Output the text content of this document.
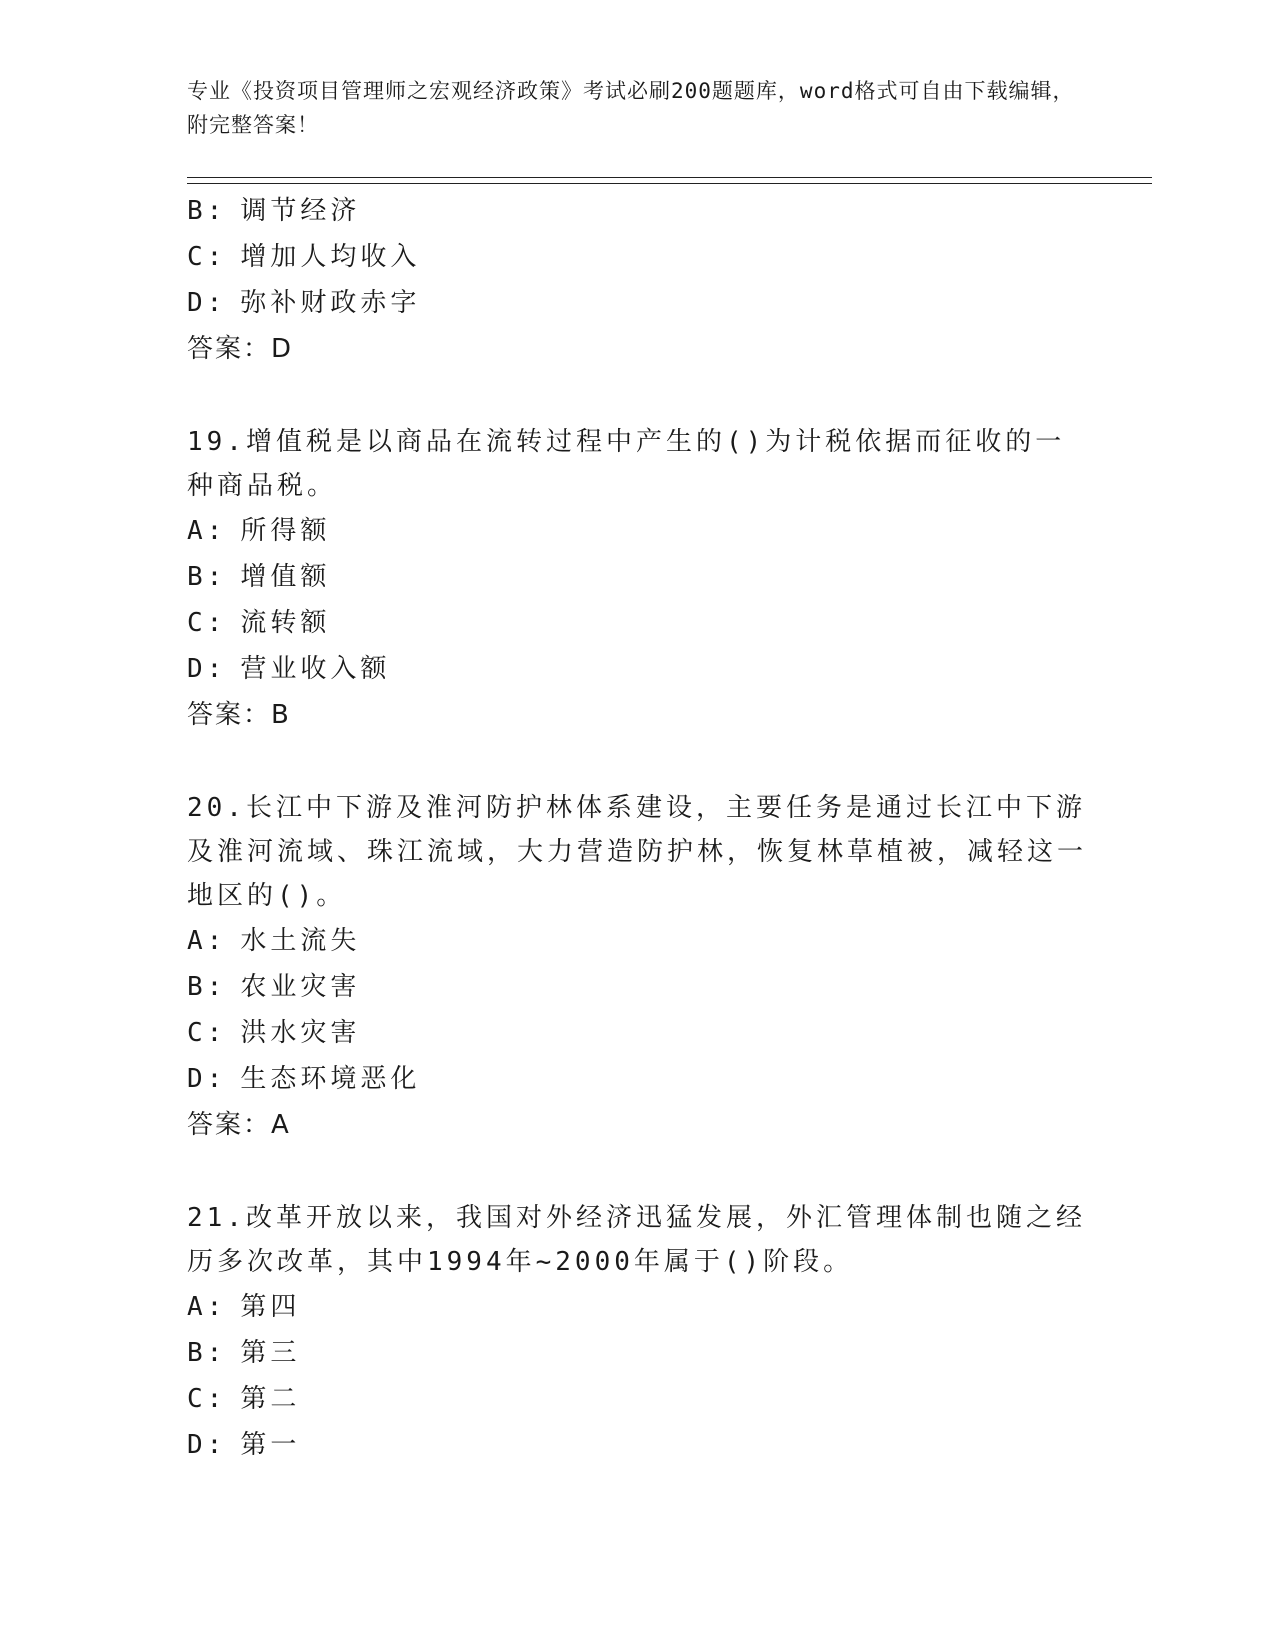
专业《投资项目管理师之宏观经济政策》考试必刷200题题库，word格式可自由下载编辑，附完整答案！
B: 调节经济
C: 增加人均收入
D: 弥补财政赤字
答案：D
19.增值税是以商品在流转过程中产生的()为计税依据而征收的一种商品税。
A: 所得额
B: 增值额
C: 流转额
D: 营业收入额
答案：B
20.长江中下游及淮河防护林体系建设，主要任务是通过长江中下游及淮河流域、珠江流域，大力营造防护林，恢复林草植被，减轻这一地区的()。
A: 水土流失
B: 农业灾害
C: 洪水灾害
D: 生态环境恶化
答案：A
21.改革开放以来，我国对外经济迅猛发展，外汇管理体制也随之经历多次改革，其中1994年~2000年属于()阶段。
A: 第四
B: 第三
C: 第二
D: 第一
